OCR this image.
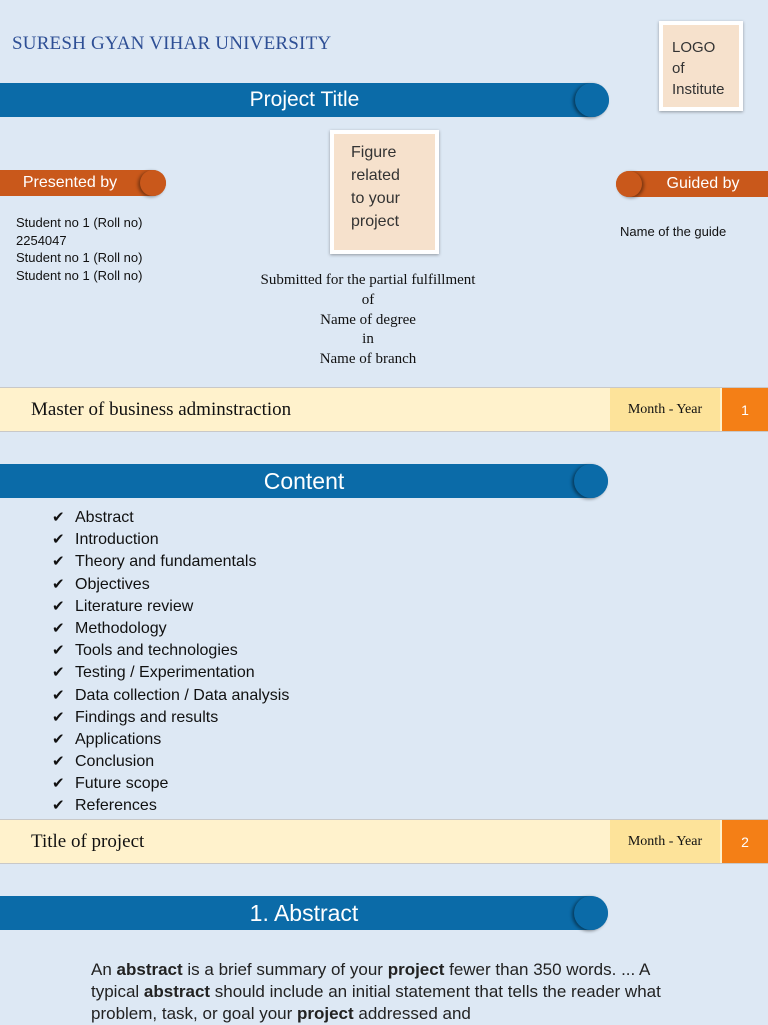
SURESH GYAN VIHAR UNIVERSITY	LOGO
of
Institute
Project Title
Presented by	Guided by
Figure
related
to your
project
Student no 1 (Roll no)
2254047
Student no 1 (Roll no)
Student no 1 (Roll no)
Name of the guide
Submitted for the partial fulfillment
of
Name of degree
in
Name of branch
Master of business adminstraction	Month - Year	1
Content
✔ Abstract
✔ Introduction
✔ Theory and fundamentals
✔ Objectives
✔ Literature review
✔ Methodology
✔ Tools and technologies
✔ Testing / Experimentation
✔ Data collection / Data analysis
✔ Findings and results
✔ Applications
✔ Conclusion
✔ Future scope
✔ References
Title of project	Month - Year	2
1. Abstract
An abstract is a brief summary of your project fewer than 350 words. ... A typical abstract should include an initial statement that tells the reader what problem, task, or goal your project addressed and
